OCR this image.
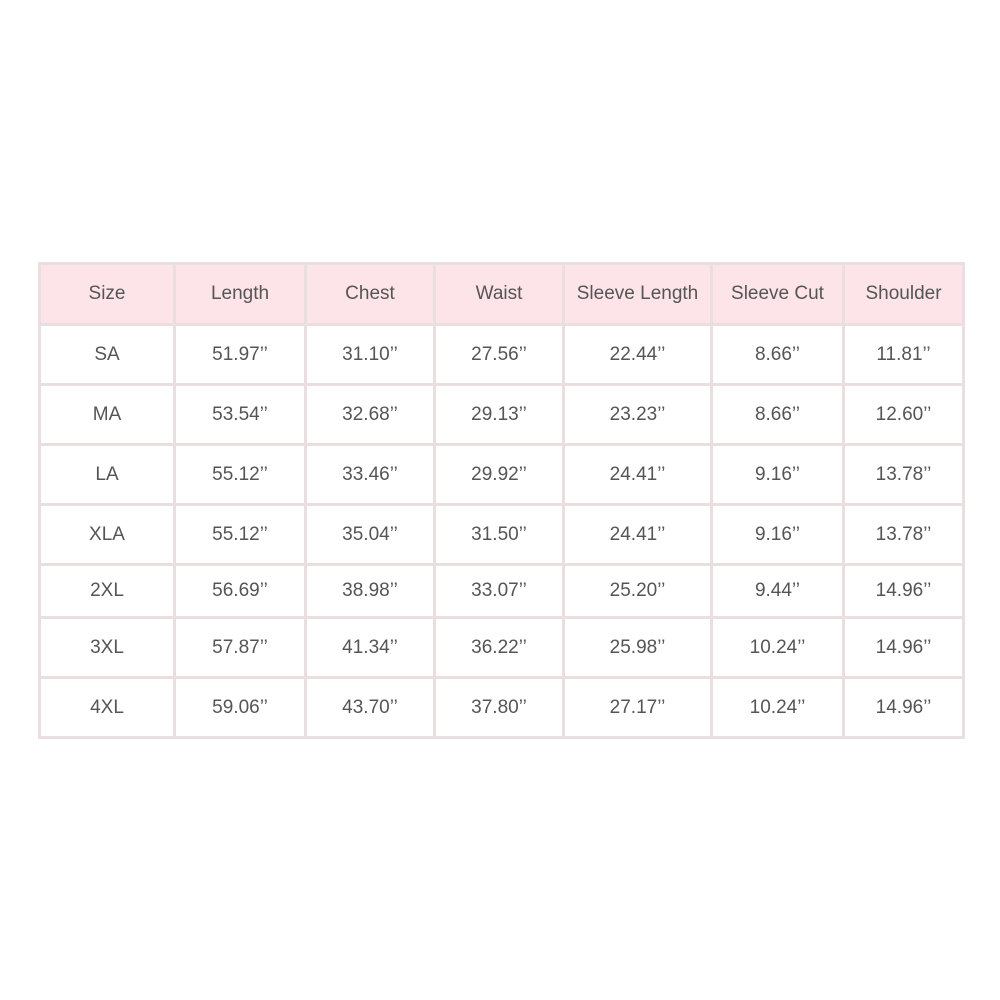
Size	Length	Chest	Waist	Sleeve Length	Sleeve Cut	Shoulder
SA	51.97’’	31.10’’	27.56’’	22.44’’	8.66’’	11.81’’
MA	53.54’’	32.68’’	29.13’’	23.23’’	8.66’’	12.60’’
LA	55.12’’	33.46’’	29.92’’	24.41’’	9.16’’	13.78’’
XLA	55.12’’	35.04’’	31.50’’	24.41’’	9.16’’	13.78’’
2XL	56.69’’	38.98’’	33.07’’	25.20’’	9.44’’	14.96’’
3XL	57.87’’	41.34’’	36.22’’	25.98’’	10.24’’	14.96’’
4XL	59.06’’	43.70’’	37.80’’	27.17’’	10.24’’	14.96’’
